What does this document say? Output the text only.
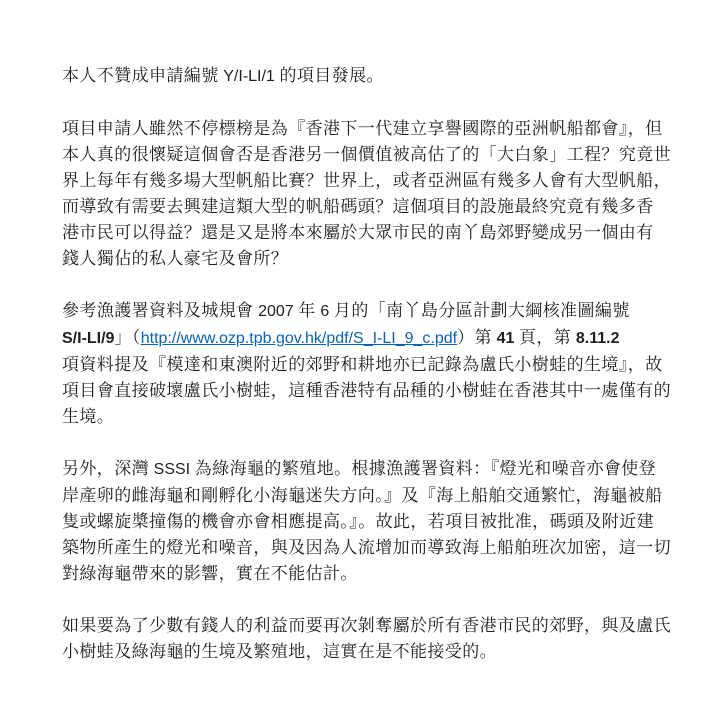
本人不贊成申請編號 Y/I-LI/1 的項目發展。
項目申請人雖然不停標榜是為『香港下一代建立享譽國際的亞洲帆船都會』，但
本人真的很懷疑這個會否是香港另一個價值被高估了的「大白象」工程？究竟世
界上每年有幾多場大型帆船比賽？世界上，或者亞洲區有幾多人會有大型帆船，
而導致有需要去興建這類大型的帆船碼頭？這個項目的設施最終究竟有幾多香
港市民可以得益？還是又是將本來屬於大眾市民的南丫島郊野變成另一個由有
錢人獨佔的私人豪宅及會所？
參考漁護署資料及城規會 2007 年 6 月的「南丫島分區計劃大綱核准圖編號
S/I-LI/9」（http://www.ozp.tpb.gov.hk/pdf/S_I-LI_9_c.pdf）第 41 頁，第 8.11.2
項資料提及『模達和東澳附近的郊野和耕地亦已記錄為盧氏小樹蛙的生境』，故
項目會直接破壞盧氏小樹蛙，這種香港特有品種的小樹蛙在香港其中一處僅有的
生境。
另外，深灣 SSSI 為綠海龜的繁殖地。根據漁護署資料：『燈光和噪音亦會使登
岸產卵的雌海龜和剛孵化小海龜迷失方向。』及『海上船舶交通繁忙，海龜被船
隻或螺旋槳撞傷的機會亦會相應提高。』。故此，若項目被批准，碼頭及附近建
築物所產生的燈光和噪音，與及因為人流增加而導致海上船舶班次加密，這一切
對綠海龜帶來的影響，實在不能估計。
如果要為了少數有錢人的利益而要再次剝奪屬於所有香港市民的郊野，與及盧氏
小樹蛙及綠海龜的生境及繁殖地，這實在是不能接受的。
